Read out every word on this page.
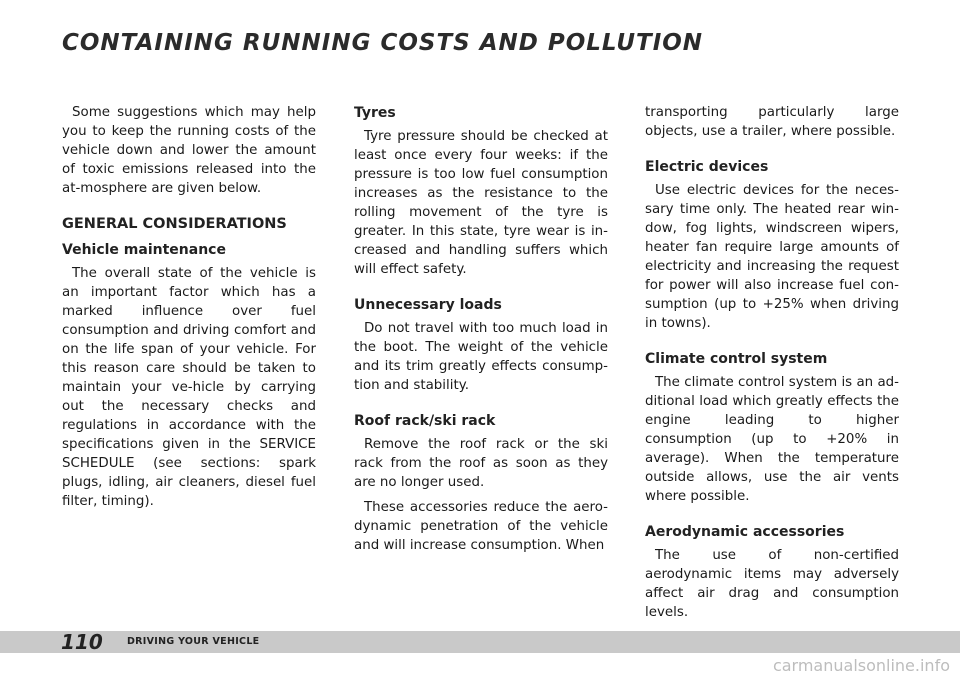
CONTAINING RUNNING COSTS AND POLLUTION

Some suggestions which may help you to keep the running costs of the vehicle down and lower the amount of toxic emissions released into the at-mosphere are given below.

GENERAL CONSIDERATIONS
Vehicle maintenance

The overall state of the vehicle is an important factor which has a marked influence over fuel consumption and driving comfort and on the life span of your vehicle. For this reason care should be taken to maintain your ve-hicle by carrying out the necessary checks and regulations in accordance with the specifications given in the SERVICE SCHEDULE (see sections: spark plugs, idling, air cleaners, diesel fuel filter, timing).

Tyres

Tyre pressure should be checked at least once every four weeks: if the pressure is too low fuel consumption increases as the resistance to the rolling movement of the tyre is greater. In this state, tyre wear is in-creased and handling suffers which will effect safety.

Unnecessary loads

Do not travel with too much load in the boot. The weight of the vehicle and its trim greatly effects consump-tion and stability.

Roof rack/ski rack

Remove the roof rack or the ski rack from the roof as soon as they are no longer used.

These accessories reduce the aero-dynamic penetration of the vehicle and will increase consumption. When

transporting particularly large objects, use a trailer, where possible.

Electric devices

Use electric devices for the neces-sary time only. The heated rear win-dow, fog lights, windscreen wipers, heater fan require large amounts of electricity and increasing the request for power will also increase fuel con-sumption (up to +25% when driving in towns).

Climate control system

The climate control system is an ad-ditional load which greatly effects the engine leading to higher consumption (up to +20% in average). When the temperature outside allows, use the air vents where possible.

Aerodynamic accessories

The use of non-certified aerodynamic items may adversely affect air drag and consumption levels.

110	DRIVING YOUR VEHICLE
carmanualsonline.info
